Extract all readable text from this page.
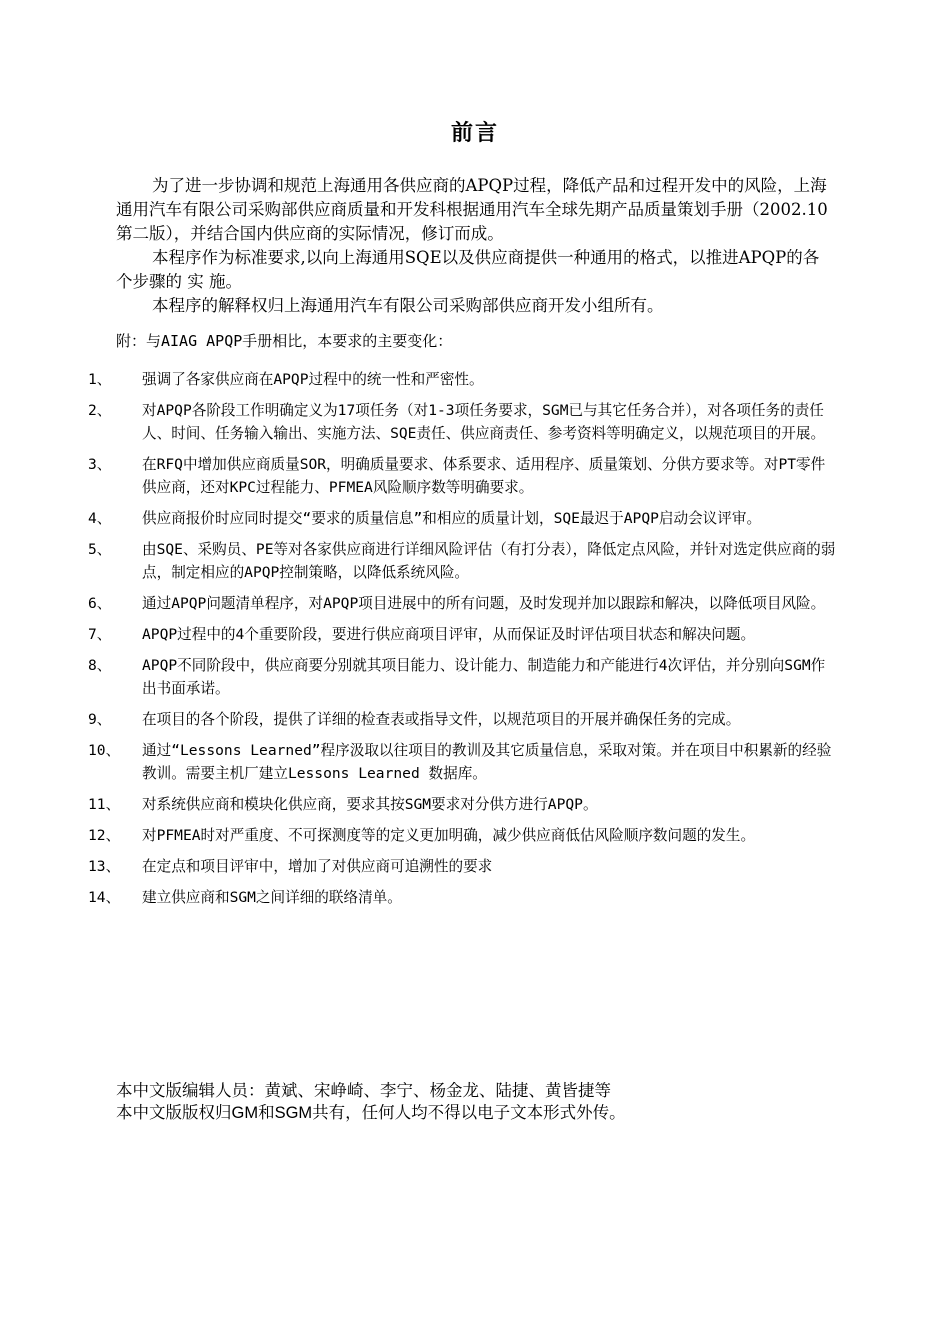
前言

为了进一步协调和规范上海通用各供应商的APQP过程，降低产品和过程开发中的风险，上海通用汽车有限公司采购部供应商质量和开发科根据通用汽车全球先期产品质量策划手册（2002.10第二版），并结合国内供应商的实际情况，修订而成。

本程序作为标准要求,以向上海通用SQE以及供应商提供一种通用的格式，以推进APQP的各个步骤的 实 施。

本程序的解释权归上海通用汽车有限公司采购部供应商开发小组所有。

附：与AIAG APQP手册相比，本要求的主要变化：
1、	强调了各家供应商在APQP过程中的统一性和严密性。
2、	对APQP各阶段工作明确定义为17项任务（对1-3项任务要求，SGM已与其它任务合并），对各项任务的责任人、时间、任务输入输出、实施方法、SQE责任、供应商责任、参考资料等明确定义，以规范项目的开展。
3、	在RFQ中增加供应商质量SOR，明确质量要求、体系要求、适用程序、质量策划、分供方要求等。对PT零件供应商，还对KPC过程能力、PFMEA风险顺序数等明确要求。
4、	供应商报价时应同时提交“要求的质量信息”和相应的质量计划，SQE最迟于APQP启动会议评审。
5、	由SQE、采购员、PE等对各家供应商进行详细风险评估（有打分表），降低定点风险，并针对选定供应商的弱点，制定相应的APQP控制策略，以降低系统风险。
6、	通过APQP问题清单程序，对APQP项目进展中的所有问题，及时发现并加以跟踪和解决，以降低项目风险。
7、	APQP过程中的4个重要阶段，要进行供应商项目评审，从而保证及时评估项目状态和解决问题。
8、	APQP不同阶段中，供应商要分别就其项目能力、设计能力、制造能力和产能进行4次评估，并分别向SGM作出书面承诺。
9、	在项目的各个阶段，提供了详细的检查表或指导文件，以规范项目的开展并确保任务的完成。
10、	通过“Lessons Learned”程序汲取以往项目的教训及其它质量信息，采取对策。并在项目中积累新的经验教训。需要主机厂建立Lessons Learned 数据库。
11、	对系统供应商和模块化供应商，要求其按SGM要求对分供方进行APQP。
12、	对PFMEA时对严重度、不可探测度等的定义更加明确，减少供应商低估风险顺序数问题的发生。
13、	在定点和项目评审中，增加了对供应商可追溯性的要求
14、	建立供应商和SGM之间详细的联络清单。

本中文版编辑人员：黄斌、宋峥崎、李宁、杨金龙、陆捷、黄皆捷等

本中文版版权归GM和SGM共有，任何人均不得以电子文本形式外传。
